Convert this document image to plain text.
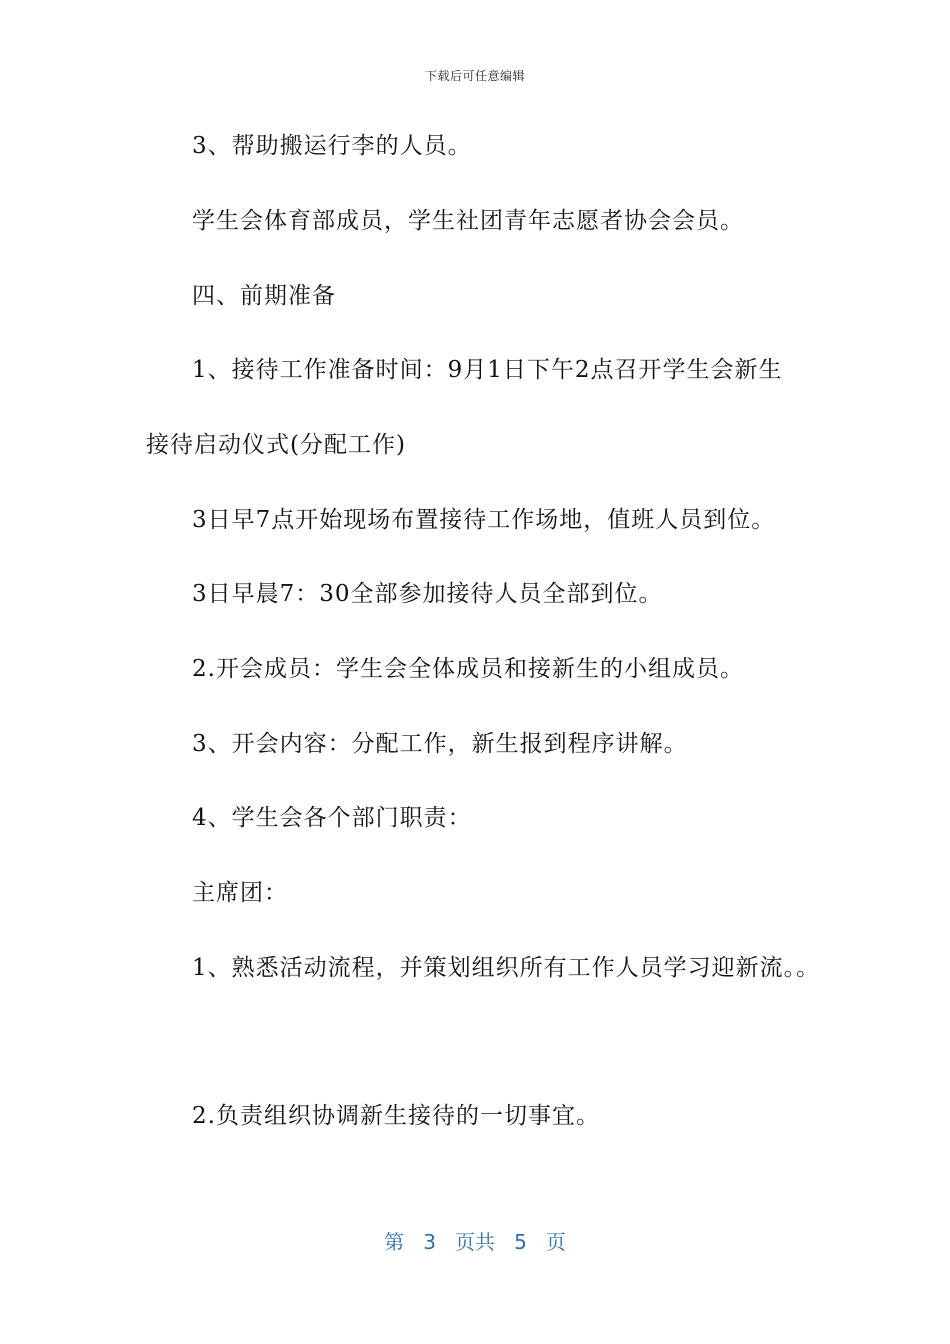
下载后可任意编辑
3、帮助搬运行李的人员。
学生会体育部成员，学生社团青年志愿者协会会员。
四、前期准备
1、接待工作准备时间：9月1日下午2点召开学生会新生
接待启动仪式(分配工作)
3日早7点开始现场布置接待工作场地，值班人员到位。
3日早晨7：30全部参加接待人员全部到位。
2.开会成员：学生会全体成员和接新生的小组成员。
3、开会内容：分配工作，新生报到程序讲解。
4、学生会各个部门职责：
主席团：
1、熟悉活动流程，并策划组织所有工作人员学习迎新流。。
2.负责组织协调新生接待的一切事宜。
第 3 页共 5 页
